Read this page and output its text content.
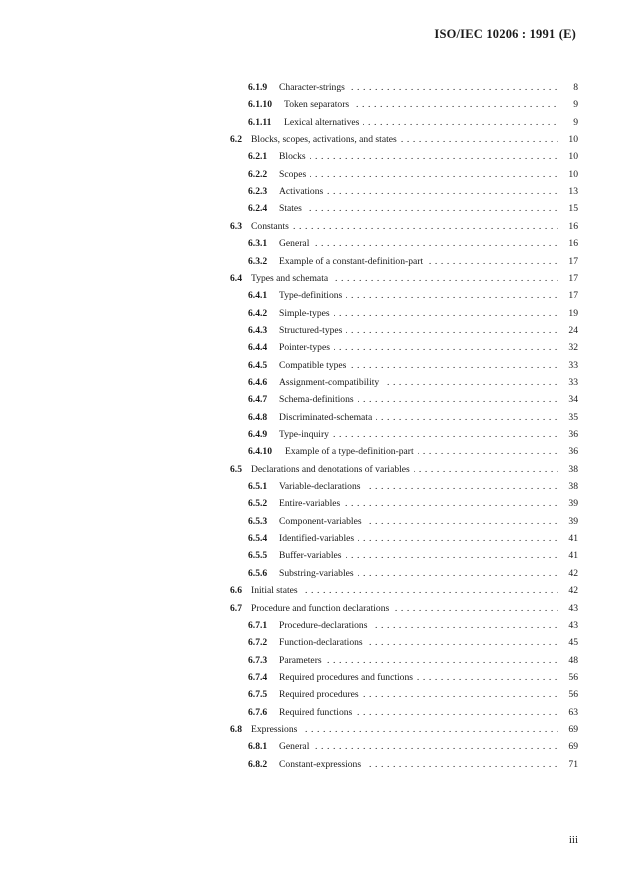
ISO/IEC 10206 : 1991 (E)
6.1.9 Character-strings . . .	8
6.1.10 Token separators . . .	9
6.1.11 Lexical alternatives . . .	9
6.2 Blocks, scopes, activations, and states . . .	10
6.2.1 Blocks . . .	10
6.2.2 Scopes . . .	10
6.2.3 Activations . . .	13
6.2.4 States . . .	15
6.3 Constants . . .	16
6.3.1 General . . .	16
6.3.2 Example of a constant-definition-part . . .	17
6.4 Types and schemata . . .	17
6.4.1 Type-definitions . . .	17
6.4.2 Simple-types . . .	19
6.4.3 Structured-types . . .	24
6.4.4 Pointer-types . . .	32
6.4.5 Compatible types . . .	33
6.4.6 Assignment-compatibility . . .	33
6.4.7 Schema-definitions . . .	34
6.4.8 Discriminated-schemata . . .	35
6.4.9 Type-inquiry . . .	36
6.4.10 Example of a type-definition-part . . .	36
6.5 Declarations and denotations of variables . . .	38
6.5.1 Variable-declarations . . .	38
6.5.2 Entire-variables . . .	39
6.5.3 Component-variables . . .	39
6.5.4 Identified-variables . . .	41
6.5.5 Buffer-variables . . .	41
6.5.6 Substring-variables . . .	42
6.6 Initial states . . .	42
6.7 Procedure and function declarations . . .	43
6.7.1 Procedure-declarations . . .	43
6.7.2 Function-declarations . . .	45
6.7.3 Parameters . . .	48
6.7.4 Required procedures and functions . . .	56
6.7.5 Required procedures . . .	56
6.7.6 Required functions . . .	63
6.8 Expressions . . .	69
6.8.1 General . . .	69
6.8.2 Constant-expressions . . .	71
iii
